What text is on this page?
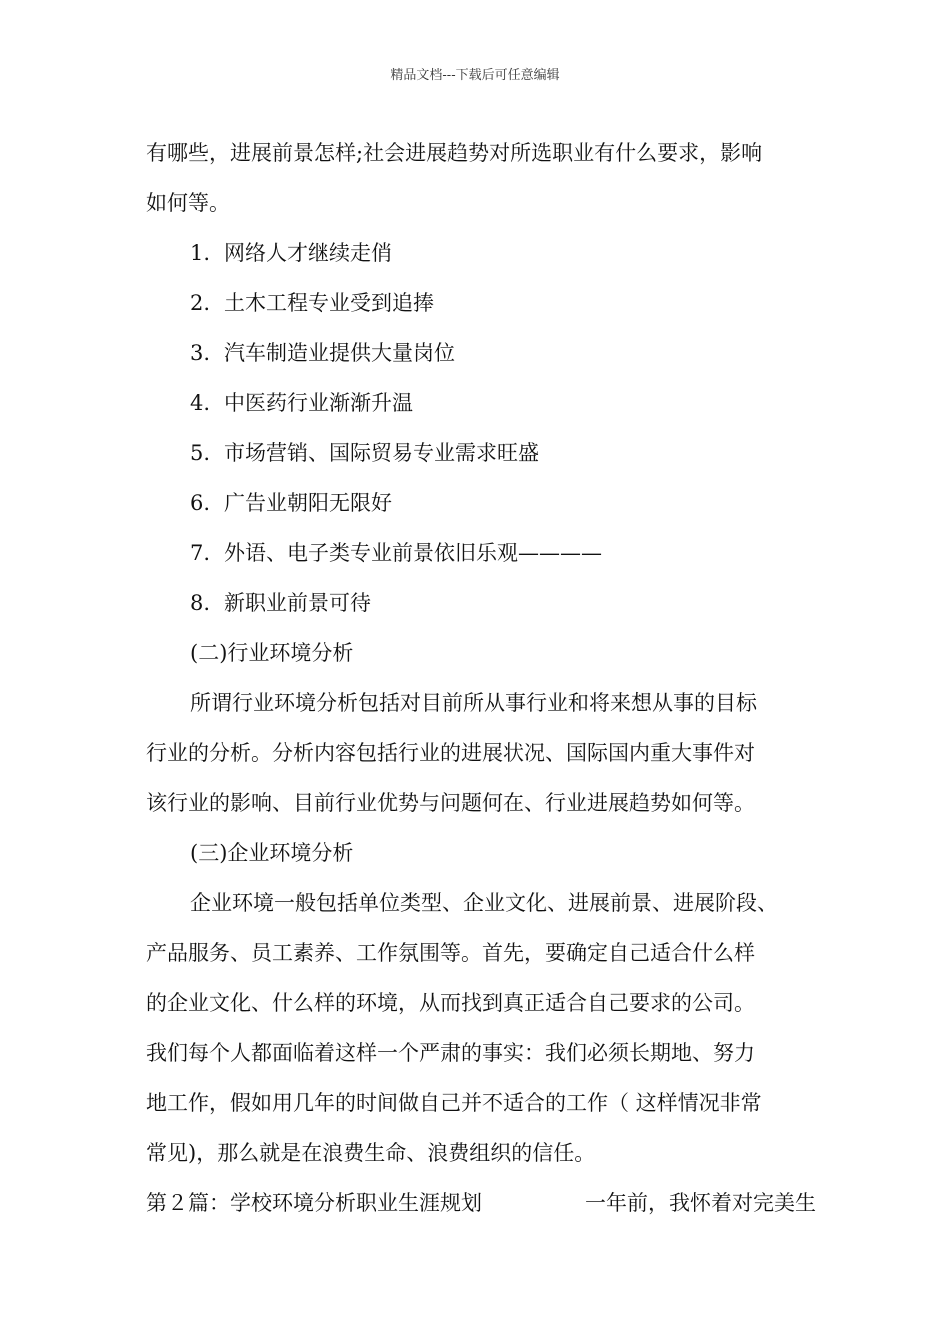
精品文档---下载后可任意编辑
有哪些，进展前景怎样;社会进展趋势对所选职业有什么要求，影响
如何等。
1. 网络人才继续走俏
2. 土木工程专业受到追捧
3. 汽车制造业提供大量岗位
4. 中医药行业渐渐升温
5. 市场营销、国际贸易专业需求旺盛
6. 广告业朝阳无限好
7. 外语、电子类专业前景依旧乐观————
8. 新职业前景可待
(二)行业环境分析
所谓行业环境分析包括对目前所从事行业和将来想从事的目标
行业的分析。分析内容包括行业的进展状况、国际国内重大事件对
该行业的影响、目前行业优势与问题何在、行业进展趋势如何等。
(三)企业环境分析
企业环境一般包括单位类型、企业文化、进展前景、进展阶段、
产品服务、员工素养、工作氛围等。首先，要确定自己适合什么样
的企业文化、什么样的环境，从而找到真正适合自己要求的公司。
我们每个人都面临着这样一个严肃的事实：我们必须长期地、努力
地工作，假如用几年的时间做自己并不适合的工作（ 这样情况非常
常见)，那么就是在浪费生命、浪费组织的信任。
第２篇：学校环境分析职业生涯规划	一年前，我怀着对完美生
